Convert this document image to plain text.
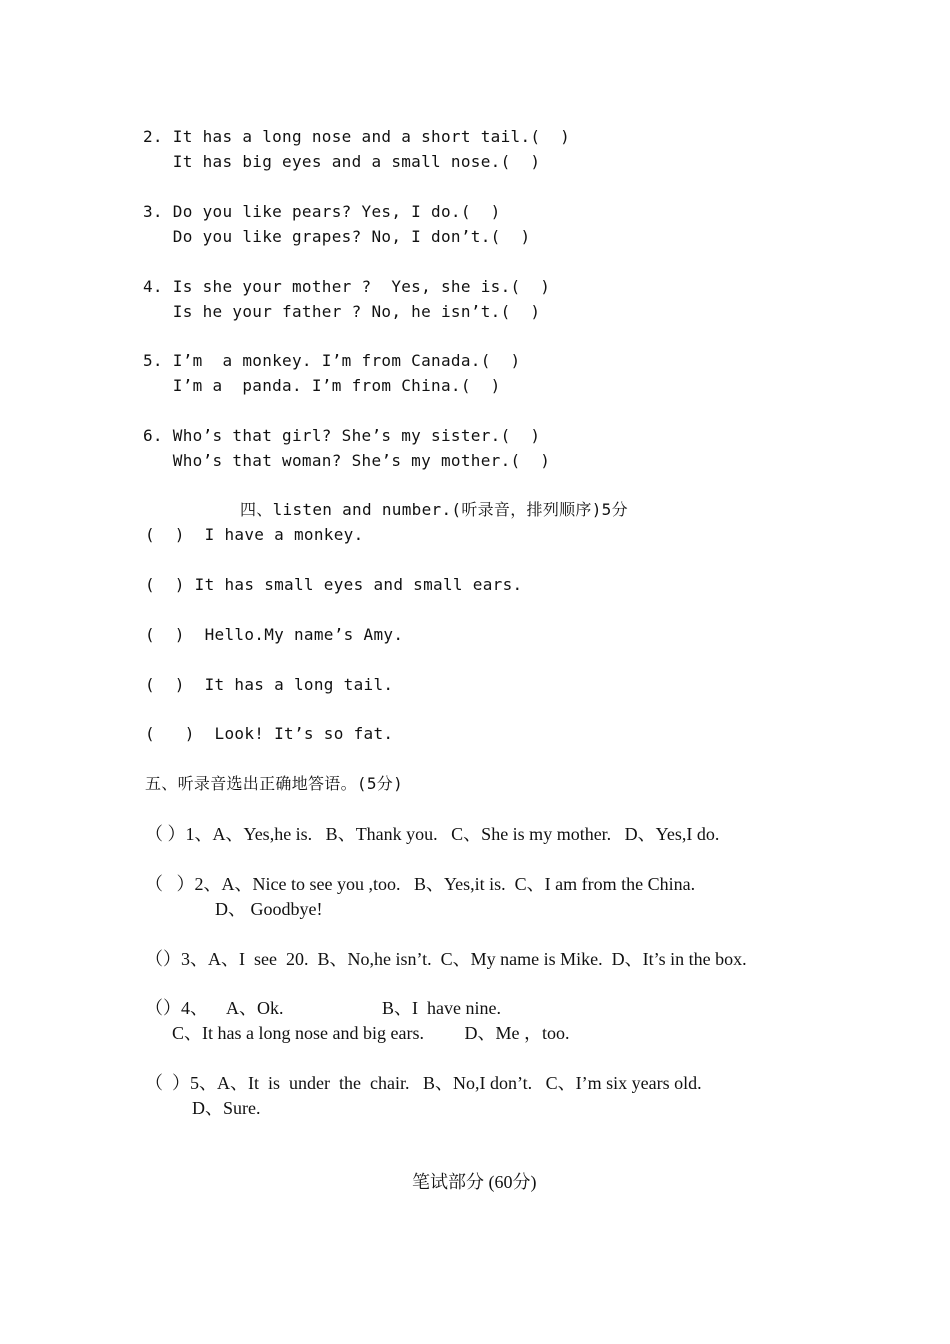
2. It has a long nose and a short tail.(  )
It has big eyes and a small nose.(  )
3. Do you like pears? Yes, I do.(  )
Do you like grapes? No, I don’t.(  )
4. Is she your mother ?  Yes, she is.(  )
Is he your father ? No, he isn’t.(  )
5. I’m  a monkey. I’m from Canada.(  )
I’m a  panda. I’m from China.(  )
6. Who’s that girl? She’s my sister.(  )
Who’s that woman? She’s my mother.(  )
四、listen and number.(听录音，排列顺序)5分
(  )  I have a monkey.
(  ) It has small eyes and small ears.
(  )  Hello.My name’s Amy.
(  )  It has a long tail.
(   )  Look! It’s so fat.
五、听录音选出正确地答语。(5分)
（ ）1、A、Yes,he is.   B、Thank you.   C、She is my mother.   D、Yes,I do.
（   ）2、A、Nice to see you ,too.   B、Yes,it is.  C、I am from the China.
D、 Goodbye!
（）3、A、I  see  20.  B、No,he isn’t.  C、My name is Mike.  D、It’s in the box.
（）4、    A、Ok.	B、I  have nine.
C、It has a long nose and big ears.         D、Me ，too.
（  ）5、A、It  is  under  the  chair.   B、No,I don’t.   C、I’m six years old.
D、Sure.
笔试部分 (60分)
